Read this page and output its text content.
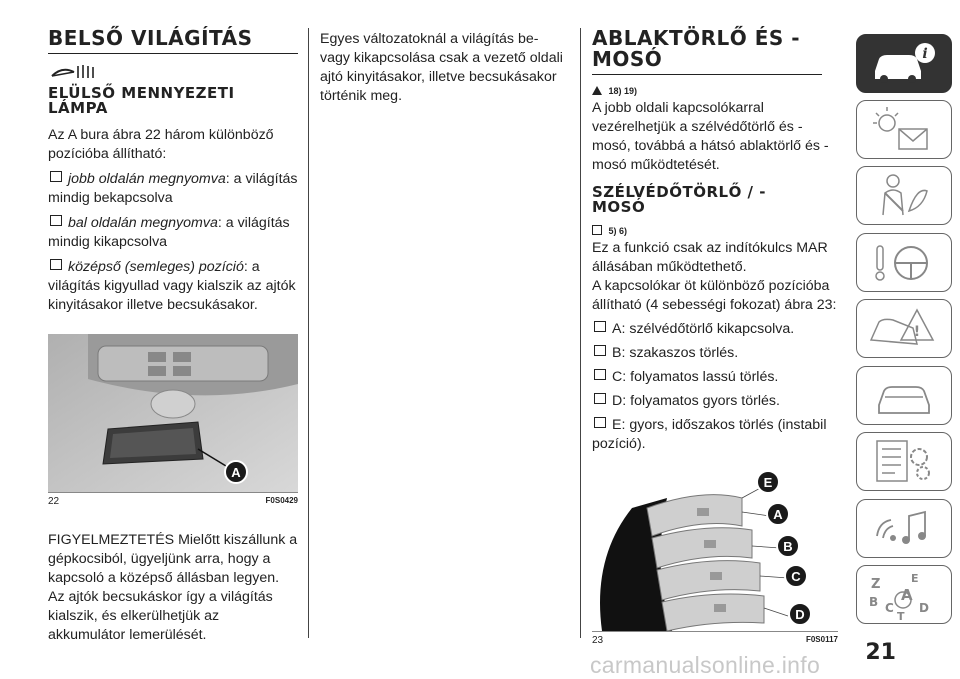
BELSŐ VILÁGÍTÁS
ELÜLSŐ MENNYEZETI LÁMPA

Az A bura ábra 22 három különböző pozícióba állítható:

jobb oldalán megnyomva: a világítás mindig bekapcsolva

bal oldalán megnyomva: a világítás mindig kikapcsolva

középső (semleges) pozíció: a világítás kigyullad vagy kialszik az ajtók kinyitásakor illetve becsukásakor.

A
22	F0S0429

FIGYELMEZTETÉS Mielőtt kiszállunk a gépkocsiból, ügyeljünk arra, hogy a kapcsoló a középső állásban legyen. Az ajtók becsukáskor így a világítás kialszik, és elkerülhetjük az akkumulátor lemerülését.

Egyes változatoknál a világítás be- vagy kikapcsolása csak a vezető oldali ajtó kinyitásakor, illetve becsukásakor történik meg.

ABLAKTÖRLŐ ÉS -MOSÓ
18) 19)

A jobb oldali kapcsolókarral vezérelhetjük a szélvédőtörlő és -mosó, továbbá a hátsó ablaktörlő és -mosó működtetését.

SZÉLVÉDŐTÖRLŐ / -MOSÓ
5) 6)

Ez a funkció csak az indítókulcs MAR állásában működtethető.

A kapcsolókar öt különböző pozícióba állítható (4 sebességi fokozat) ábra 23:

A: szélvédőtörlő kikapcsolva.

B: szakaszos törlés.

C: folyamatos lassú törlés.

D: folyamatos gyors törlés.

E: gyors, időszakos törlés (instabil pozíció).

E
A
B
C
D
23	F0S0117
i
!
Z	E
A
B C D
T
21
carmanualsonline.info
